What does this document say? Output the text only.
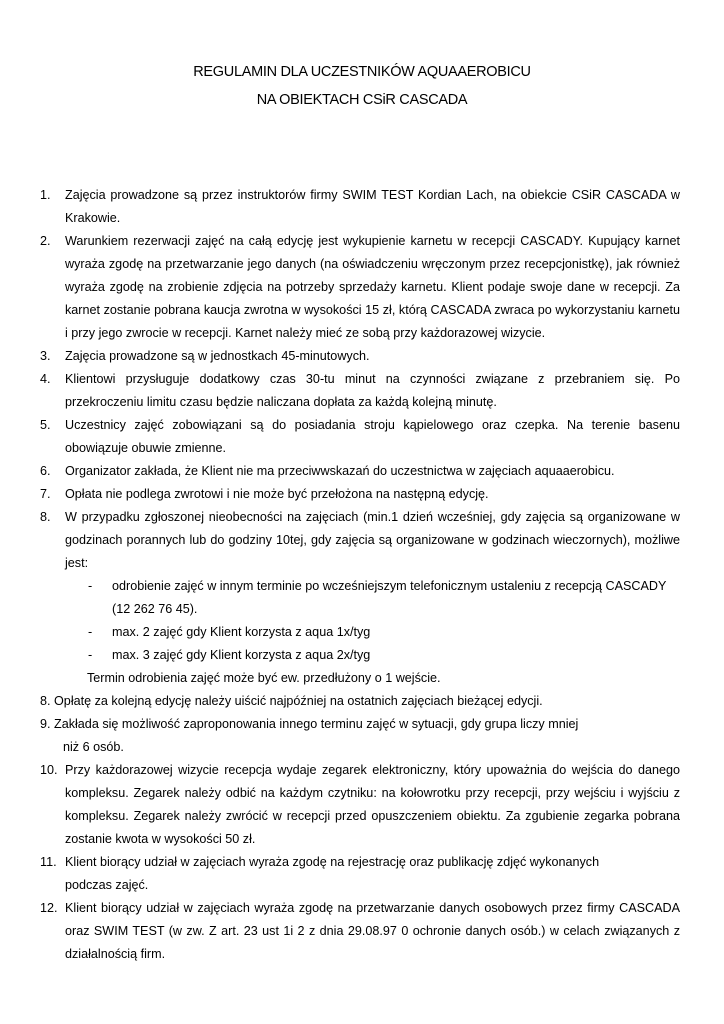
REGULAMIN DLA UCZESTNIKÓW AQUAAEROBICU
NA OBIEKTACH CSiR CASCADA
1. Zajęcia prowadzone są przez instruktorów firmy SWIM TEST Kordian Lach, na obiekcie CSiR CASCADA w Krakowie.
2. Warunkiem rezerwacji zajęć na całą edycję jest wykupienie karnetu w recepcji CASCADY. Kupujący karnet wyraża zgodę na przetwarzanie jego danych (na oświadczeniu wręczonym przez recepcjonistkę), jak również wyraża zgodę na zrobienie zdjęcia na potrzeby sprzedaży karnetu. Klient podaje swoje dane w recepcji. Za karnet zostanie pobrana kaucja zwrotna w wysokości 15 zł, którą CASCADA zwraca po wykorzystaniu karnetu i przy jego zwrocie w recepcji. Karnet należy mieć ze sobą przy każdorazowej wizycie.
3. Zajęcia prowadzone są w jednostkach 45-minutowych.
4. Klientowi przysługuje dodatkowy czas 30-tu minut na czynności związane z przebraniem się. Po przekroczeniu limitu czasu będzie naliczana dopłata za każdą kolejną minutę.
5. Uczestnicy zajęć zobowiązani są do posiadania stroju kąpielowego oraz czepka. Na terenie basenu obowiązuje obuwie zmienne.
6. Organizator zakłada, że Klient nie ma przeciwwskazań do uczestnictwa w zajęciach aquaaerobicu.
7. Opłata nie podlega zwrotowi i nie może być przełożona na następną edycję.
8. W przypadku zgłoszonej nieobecności na zajęciach (min.1 dzień wcześniej, gdy zajęcia są organizowane w godzinach porannych lub do godziny 10tej, gdy zajęcia są organizowane w godzinach wieczornych), możliwe jest:
- odrobienie zajęć w innym terminie po wcześniejszym telefonicznym ustaleniu z recepcją CASCADY (12 262 76 45).
- max. 2 zajęć gdy Klient korzysta z aqua 1x/tyg
- max. 3 zajęć gdy Klient korzysta z aqua 2x/tyg
Termin odrobienia zajęć może być ew. przedłużony o 1 wejście.
8. Opłatę za kolejną edycję należy uiścić najpóźniej na ostatnich zajęciach bieżącej edycji.
9. Zakłada się możliwość zaproponowania innego terminu zajęć w sytuacji, gdy grupa liczy mniej
niż 6 osób.
10. Przy każdorazowej wizycie recepcja wydaje zegarek elektroniczny, który upoważnia do wejścia do danego kompleksu. Zegarek należy odbić na każdym czytniku: na kołowrotku przy recepcji, przy wejściu i wyjściu z kompleksu. Zegarek należy zwrócić w recepcji przed opuszczeniem obiektu. Za zgubienie zegarka pobrana zostanie kwota w wysokości 50 zł.
11. Klient biorący udział w zajęciach wyraża zgodę na rejestrację oraz publikację zdjęć wykonanych
podczas zajęć.
12. Klient biorący udział w zajęciach wyraża zgodę na przetwarzanie danych osobowych przez firmy CASCADA oraz SWIM TEST (w zw. Z art. 23 ust 1i 2 z dnia 29.08.97 0 ochronie danych osób.) w celach związanych z działalnością firm.
